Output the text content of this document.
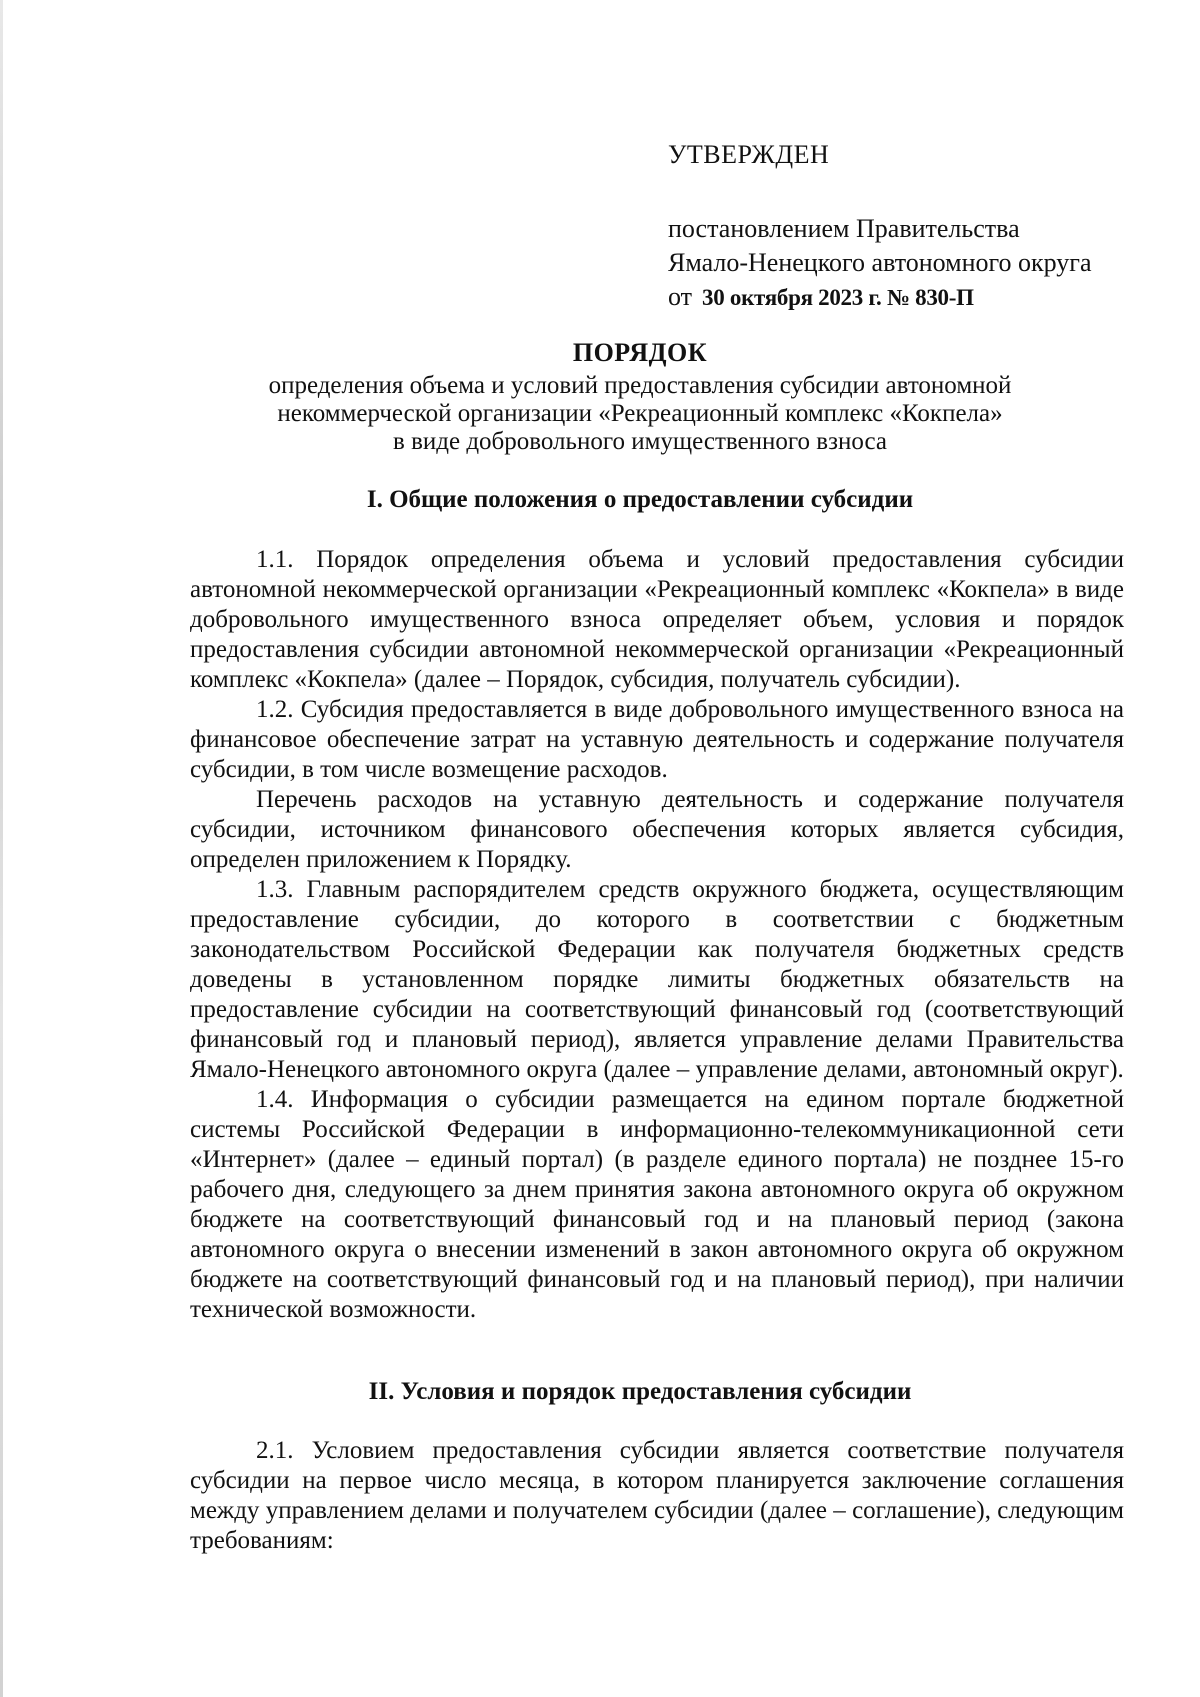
УТВЕРЖДЕН
постановлением Правительства
Ямало-Ненецкого автономного округа
от 30 октября 2023 г. № 830-П
ПОРЯДОК
определения объема и условий предоставления субсидии автономной
некоммерческой организации «Рекреационный комплекс «Кокпела»
в виде добровольного имущественного взноса
I. Общие положения о предоставлении субсидии

1.1. Порядок определения объема и условий предоставления субсидии автономной некоммерческой организации «Рекреационный комплекс «Кокпела» в виде добровольного имущественного взноса определяет объем, условия и порядок предоставления субсидии автономной некоммерческой организации «Рекреационный комплекс «Кокпела» (далее – Порядок, субсидия, получатель субсидии).

1.2. Субсидия предоставляется в виде добровольного имущественного взноса на финансовое обеспечение затрат на уставную деятельность и содержание получателя субсидии, в том числе возмещение расходов.

Перечень расходов на уставную деятельность и содержание получателя субсидии, источником финансового обеспечения которых является субсидия, определен приложением к Порядку.

1.3. Главным распорядителем средств окружного бюджета, осуществляющим предоставление субсидии, до которого в соответствии с бюджетным законодательством Российской Федерации как получателя бюджетных средств доведены в установленном порядке лимиты бюджетных обязательств на предоставление субсидии на соответствующий финансовый год (соответствующий финансовый год и плановый период), является управление делами Правительства Ямало-Ненецкого автономного округа (далее – управление делами, автономный округ).

1.4. Информация о субсидии размещается на едином портале бюджетной системы Российской Федерации в информационно-телекоммуникационной сети «Интернет» (далее – единый портал) (в разделе единого портала) не позднее 15-го рабочего дня, следующего за днем принятия закона автономного округа об окружном бюджете на соответствующий финансовый год и на плановый период (закона автономного округа о внесении изменений в закон автономного округа об окружном бюджете на соответствующий финансовый год и на плановый период), при наличии технической возможности.

II. Условия и порядок предоставления субсидии

2.1. Условием предоставления субсидии является соответствие получателя субсидии на первое число месяца, в котором планируется заключение соглашения между управлением делами и получателем субсидии (далее – соглашение), следующим требованиям:
